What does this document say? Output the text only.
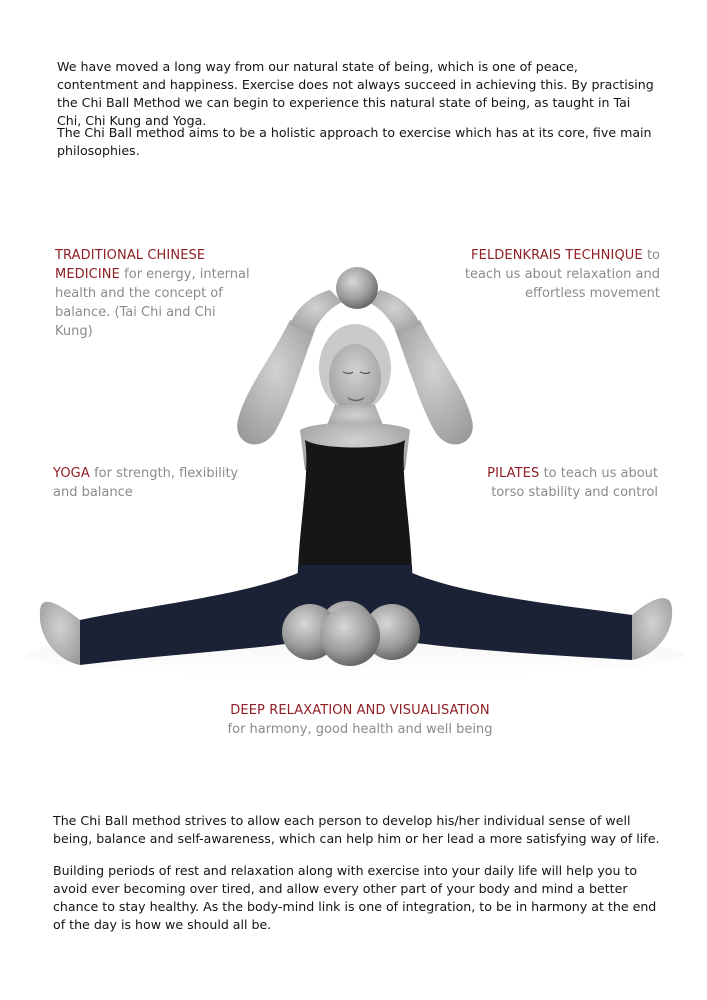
We have moved a long way from our natural state of being, which is one of peace, contentment and happiness. Exercise does not always succeed in achieving this. By practising the Chi Ball Method we can begin to experience this natural state of being, as taught in Tai Chi, Chi Kung and Yoga.

The Chi Ball method aims to be a holistic approach to exercise which has at its core, five main philosophies.

TRADITIONAL CHINESE MEDICINE for energy, internal health and the concept of balance. (Tai Chi and Chi Kung)
FELDENKRAIS TECHNIQUE to teach us about relaxation and effortless movement
YOGA for strength, flexibility and balance
PILATES to teach us about torso stability and control
DEEP RELAXATION AND VISUALISATION
for harmony, good health and well being

The Chi Ball method strives to allow each person to develop his/her individual sense of well being, balance and self-awareness, which can help him or her lead a more satisfying way of life.

Building periods of rest and relaxation along with exercise into your daily life will help you to avoid ever becoming over tired, and allow every other part of your body and mind a better chance to stay healthy. As the body-mind link is one of integration, to be in harmony at the end of the day is how we should all be.
